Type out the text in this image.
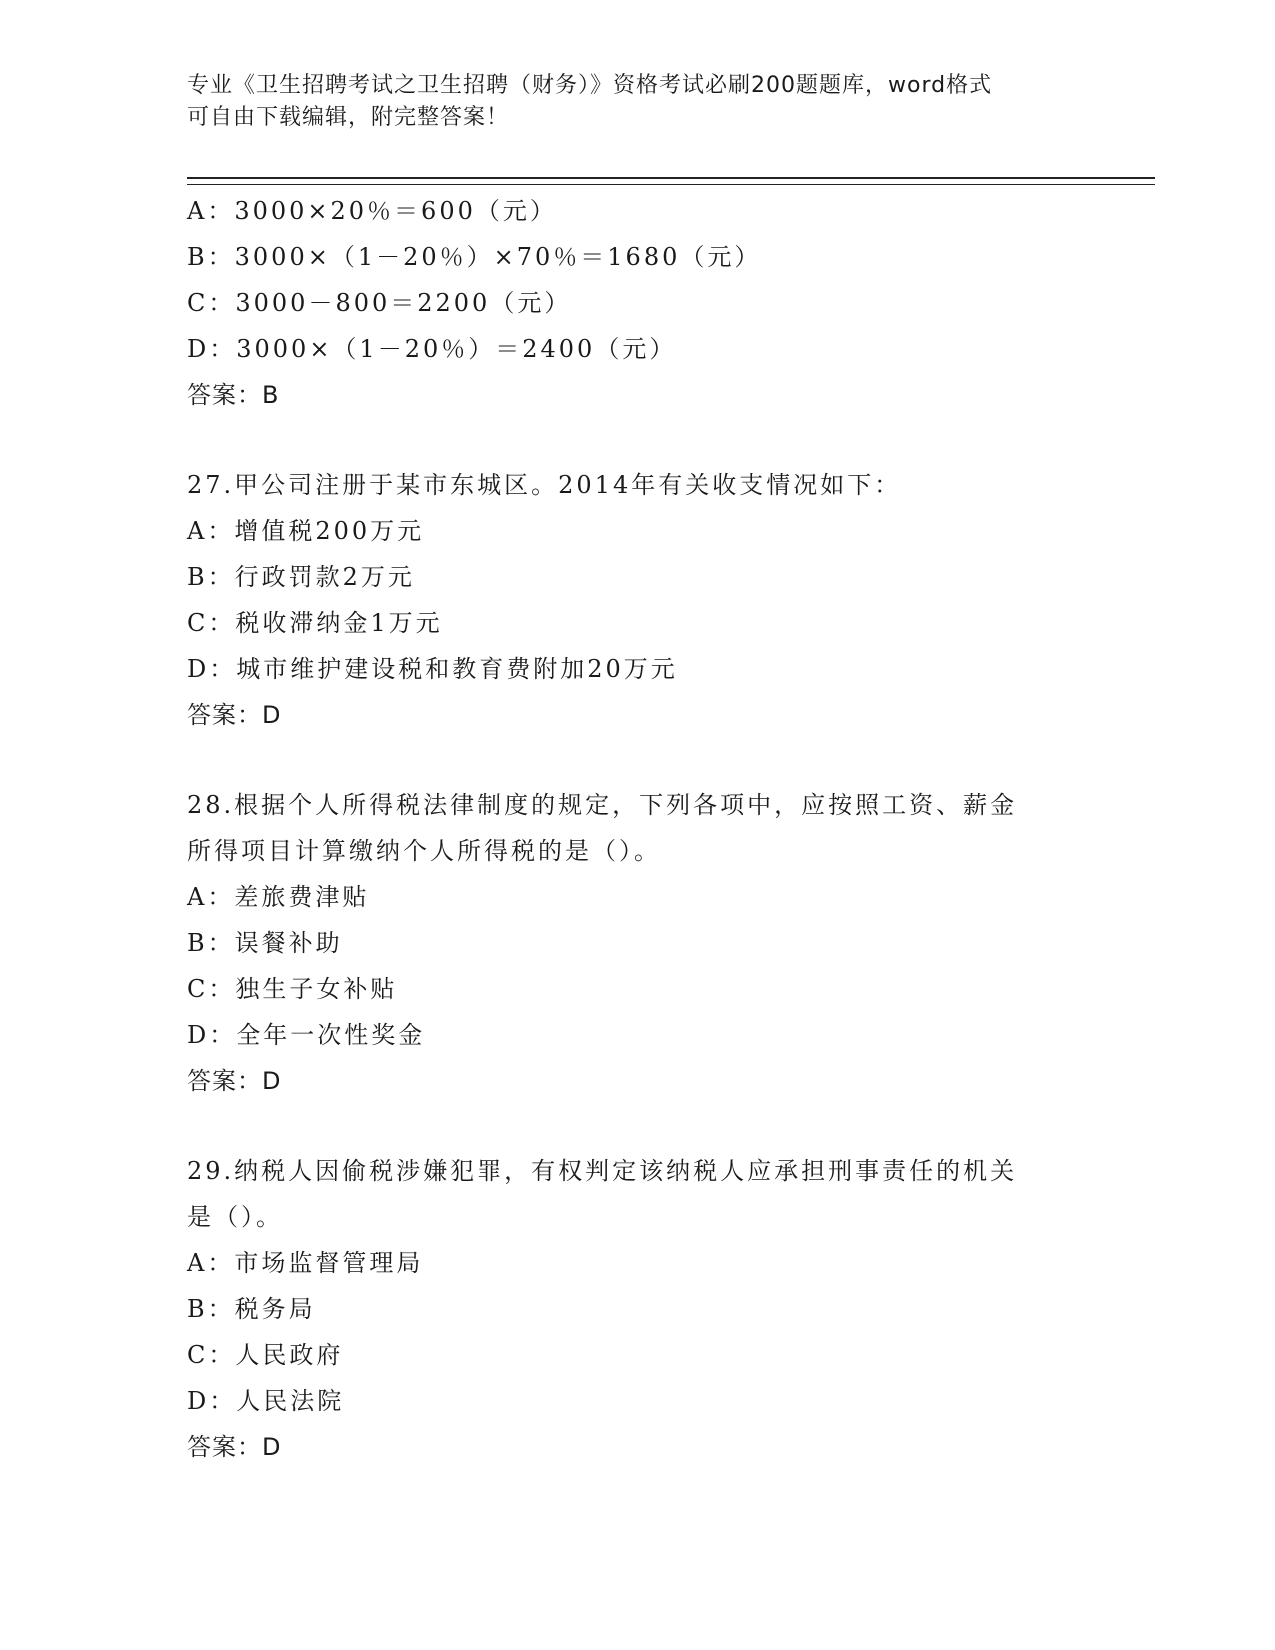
专业《卫生招聘考试之卫生招聘（财务）》资格考试必刷200题题库，word格式
可自由下载编辑，附完整答案！
A：3000×20％＝600（元）
B：3000×（1－20％）×70％＝1680（元）
C：3000－800＝2200（元）
D：3000×（1－20％）＝2400（元）
答案：B
27.甲公司注册于某市东城区。2014年有关收支情况如下：
A：增值税200万元
B：行政罚款2万元
C：税收滞纳金1万元
D：城市维护建设税和教育费附加20万元
答案：D
28.根据个人所得税法律制度的规定，下列各项中，应按照工资、薪金
所得项目计算缴纳个人所得税的是（）。
A：差旅费津贴
B：误餐补助
C：独生子女补贴
D：全年一次性奖金
答案：D
29.纳税人因偷税涉嫌犯罪，有权判定该纳税人应承担刑事责任的机关
是（）。
A：市场监督管理局
B：税务局
C：人民政府
D：人民法院
答案：D
